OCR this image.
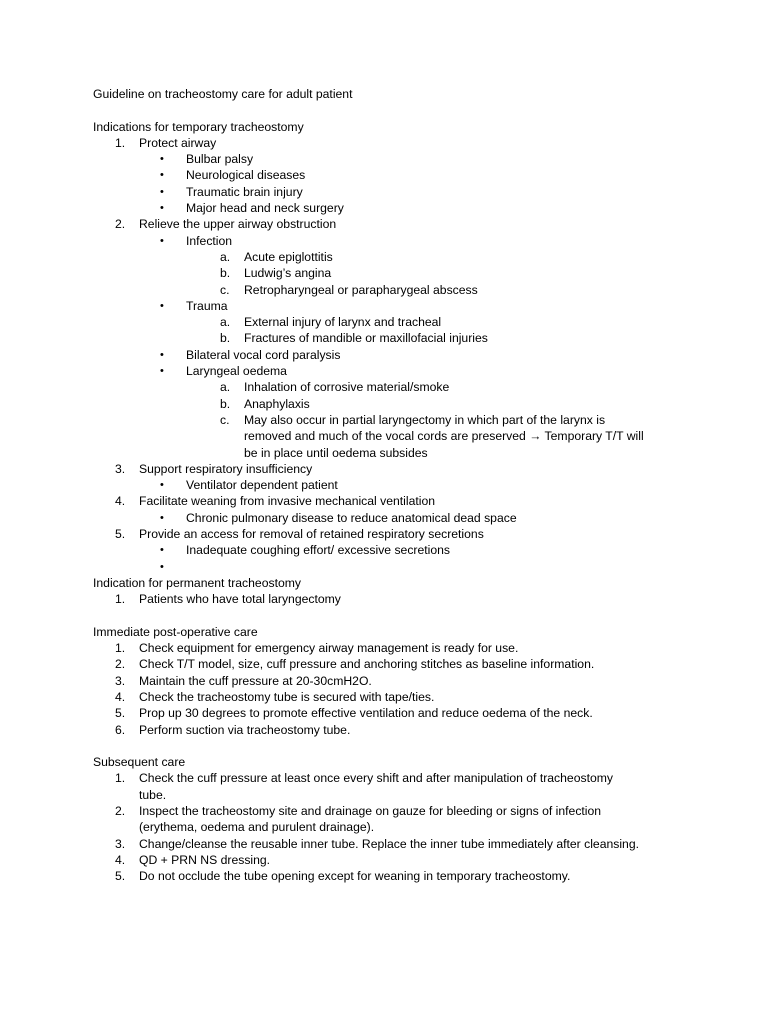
Guideline on tracheostomy care for adult patient
Indications for temporary tracheostomy
1. Protect airway
• Bulbar palsy
• Neurological diseases
• Traumatic brain injury
• Major head and neck surgery
2. Relieve the upper airway obstruction
• Infection
a. Acute epiglottitis
b. Ludwig’s angina
c. Retropharyngeal or parapharygeal abscess
• Trauma
a. External injury of larynx and tracheal
b. Fractures of mandible or maxillofacial injuries
• Bilateral vocal cord paralysis
• Laryngeal oedema
a. Inhalation of corrosive material/smoke
b. Anaphylaxis
c. May also occur in partial laryngectomy in which part of the larynx is
removed and much of the vocal cords are preserved → Temporary T/T will
be in place until oedema subsides
3. Support respiratory insufficiency
• Ventilator dependent patient
4. Facilitate weaning from invasive mechanical ventilation
• Chronic pulmonary disease to reduce anatomical dead space
5. Provide an access for removal of retained respiratory secretions
• Inadequate coughing effort/ excessive secretions
•
Indication for permanent tracheostomy
1. Patients who have total laryngectomy
Immediate post-operative care
1. Check equipment for emergency airway management is ready for use.
2. Check T/T model, size, cuff pressure and anchoring stitches as baseline information.
3. Maintain the cuff pressure at 20-30cmH2O.
4. Check the tracheostomy tube is secured with tape/ties.
5. Prop up 30 degrees to promote effective ventilation and reduce oedema of the neck.
6. Perform suction via tracheostomy tube.
Subsequent care
1. Check the cuff pressure at least once every shift and after manipulation of tracheostomy
tube.
2. Inspect the tracheostomy site and drainage on gauze for bleeding or signs of infection
(erythema, oedema and purulent drainage).
3. Change/cleanse the reusable inner tube. Replace the inner tube immediately after cleansing.
4. QD + PRN NS dressing.
5. Do not occlude the tube opening except for weaning in temporary tracheostomy.
